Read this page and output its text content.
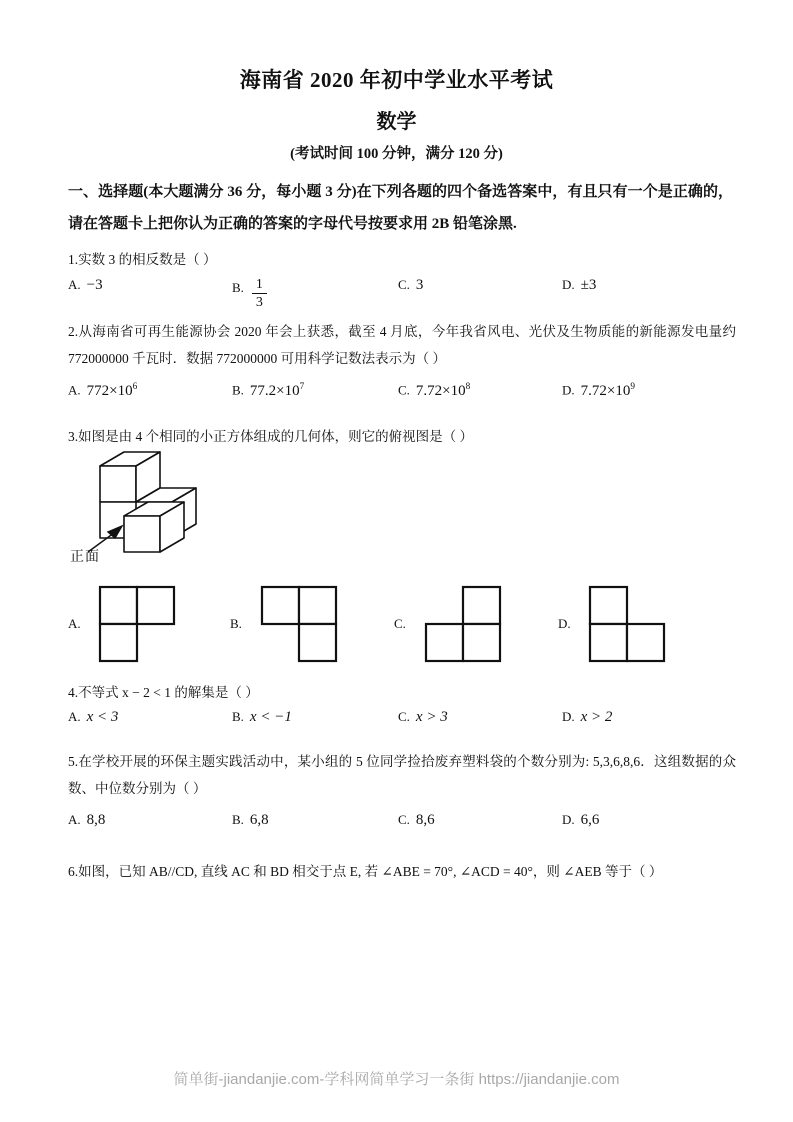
海南省 2020 年初中学业水平考试
数学
(考试时间 100 分钟，满分 120 分)
一、选择题(本大题满分 36 分，每小题 3 分)在下列各题的四个备选答案中，有且只有一个是正确的，请在答题卡上把你认为正确的答案的字母代号按要求用 2B 铅笔涂黑.
1.实数 3 的相反数是（ ）
A. −3	B. $\frac{1}{3}$	C. 3	D. ±3
2.从海南省可再生能源协会 2020 年会上获悉，截至 4 月底，今年我省风电、光伏及生物质能的新能源发电量约 772000000 千瓦时．数据 772000000 可用科学记数法表示为（ ）
A. $772\times 10^6$	B. $77.2\times 10^7$	C. $7.72\times 10^8$	D. $7.72\times 10^9$
3.如图是由 4 个相同的小正方体组成的几何体，则它的俯视图是（ ）
正面
A.	B.	C.	D.
4.不等式 x − 2 < 1 的解集是（ ）
A. x < 3	B. x < −1	C. x > 3	D. x > 2
5.在学校开展的环保主题实践活动中，某小组的 5 位同学捡拾废弃塑料袋的个数分别为: 5,3,6,8,6．这组数据的众数、中位数分别为（ ）
A. 8,8	B. 6,8	C. 8,6	D. 6,6
6.如图，已知 AB//CD, 直线 AC 和 BD 相交于点 E, 若 ∠ABE = 70°, ∠ACD = 40°，则 ∠AEB 等于（ ）
简单街-jiandanjie.com-学科网简单学习一条街 https://jiandanjie.com
